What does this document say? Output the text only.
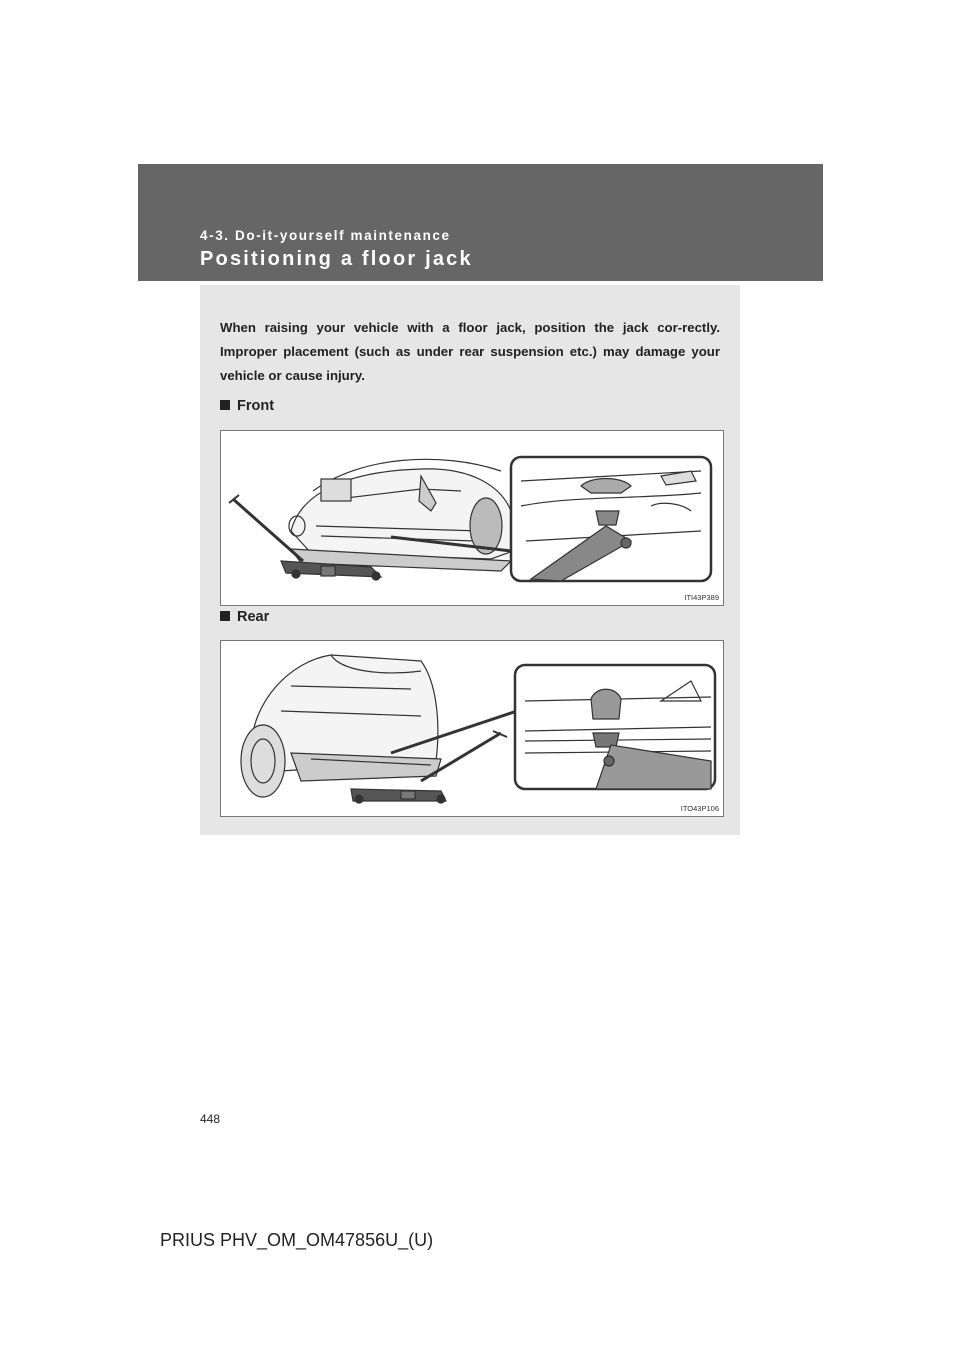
4-3. Do-it-yourself maintenance
Positioning a floor jack
When raising your vehicle with a floor jack, position the jack cor-rectly. Improper placement (such as under rear suspension etc.) may damage your vehicle or cause injury.
Front
ITI43P389
Rear
ITO43P106
448
PRIUS PHV_OM_OM47856U_(U)
